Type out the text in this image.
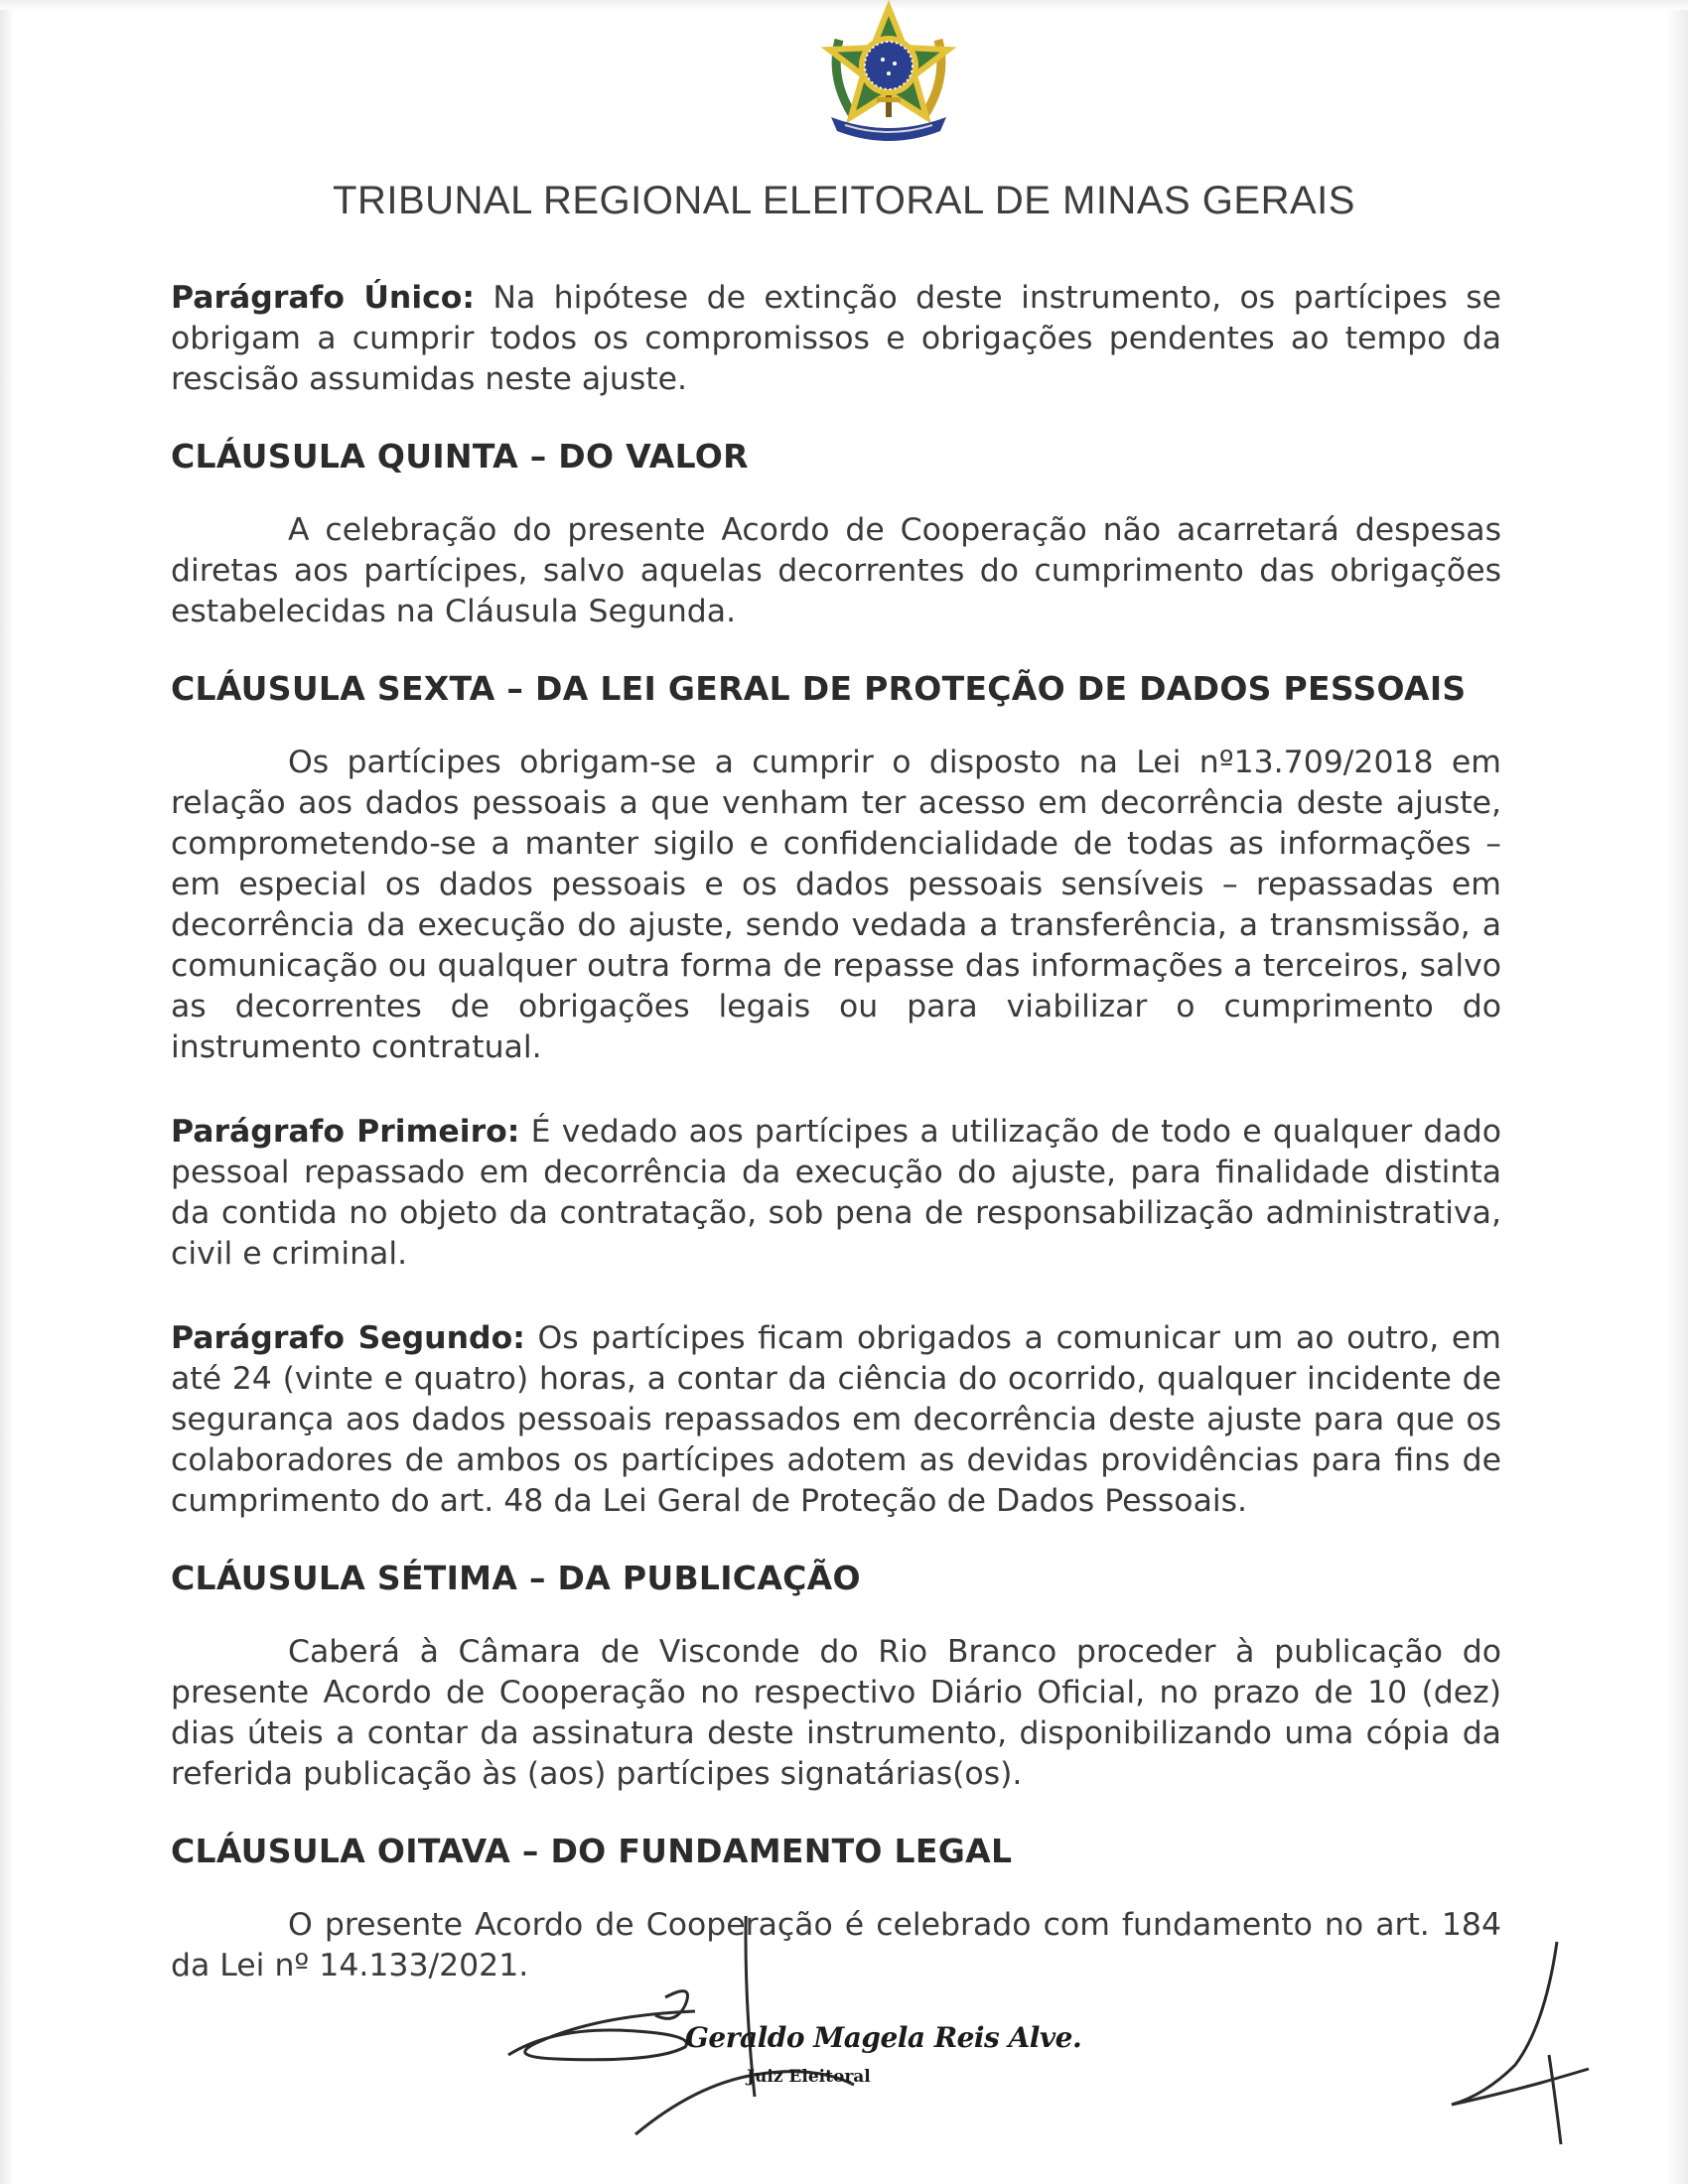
TRIBUNAL REGIONAL ELEITORAL DE MINAS GERAIS

Parágrafo Único: Na hipótese de extinção deste instrumento, os partícipes se obrigam a cumprir todos os compromissos e obrigações pendentes ao tempo da rescisão assumidas neste ajuste.

CLÁUSULA QUINTA – DO VALOR

A celebração do presente Acordo de Cooperação não acarretará despesas diretas aos partícipes, salvo aquelas decorrentes do cumprimento das obrigações estabelecidas na Cláusula Segunda.

CLÁUSULA SEXTA – DA LEI GERAL DE PROTEÇÃO DE DADOS PESSOAIS

Os partícipes obrigam-se a cumprir o disposto na Lei nº13.709/2018 em relação aos dados pessoais a que venham ter acesso em decorrência deste ajuste, comprometendo-se a manter sigilo e confidencialidade de todas as informações – em especial os dados pessoais e os dados pessoais sensíveis – repassadas em decorrência da execução do ajuste, sendo vedada a transferência, a transmissão, a comunicação ou qualquer outra forma de repasse das informações a terceiros, salvo as decorrentes de obrigações legais ou para viabilizar o cumprimento do instrumento contratual.

Parágrafo Primeiro: É vedado aos partícipes a utilização de todo e qualquer dado pessoal repassado em decorrência da execução do ajuste, para finalidade distinta da contida no objeto da contratação, sob pena de responsabilização administrativa, civil e criminal.

Parágrafo Segundo: Os partícipes ficam obrigados a comunicar um ao outro, em até 24 (vinte e quatro) horas, a contar da ciência do ocorrido, qualquer incidente de segurança aos dados pessoais repassados em decorrência deste ajuste para que os colaboradores de ambos os partícipes adotem as devidas providências para fins de cumprimento do art. 48 da Lei Geral de Proteção de Dados Pessoais.

CLÁUSULA SÉTIMA – DA PUBLICAÇÃO

Caberá à Câmara de Visconde do Rio Branco proceder à publicação do presente Acordo de Cooperação no respectivo Diário Oficial, no prazo de 10 (dez) dias úteis a contar da assinatura deste instrumento, disponibilizando uma cópia da referida publicação às (aos) partícipes signatárias(os).

CLÁUSULA OITAVA – DO FUNDAMENTO LEGAL

O presente Acordo de Cooperação é celebrado com fundamento no art. 184 da Lei nº 14.133/2021.

Geraldo Magela Reis Alve.
Juiz Eleitoral
